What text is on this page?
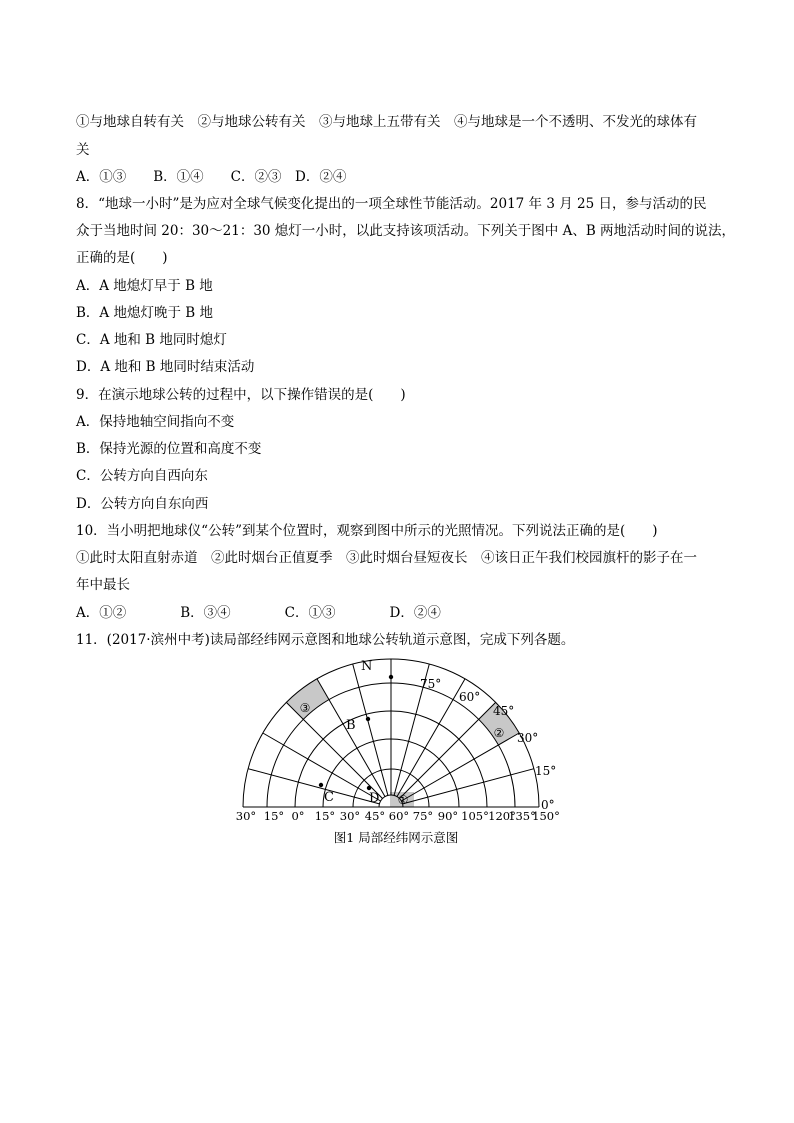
①与地球自转有关　②与地球公转有关　③与地球上五带有关　④与地球是一个不透明、不发光的球体有
关
A．①③　　B．①④　　C．②③　D．②④
8．“地球一小时”是为应对全球气候变化提出的一项全球性节能活动。2017 年 3 月 25 日，参与活动的民
众于当地时间 20：30～21：30 熄灯一小时，以此支持该项活动。下列关于图中 A、B 两地活动时间的说法，
正确的是(　　)
A．A 地熄灯早于 B 地
B．A 地熄灯晚于 B 地
C．A 地和 B 地同时熄灯
D．A 地和 B 地同时结束活动
9．在演示地球公转的过程中，以下操作错误的是(　　)
A．保持地轴空间指向不变
B．保持光源的位置和高度不变
C．公转方向自西向东
D．公转方向自东向西
10．当小明把地球仪“公转”到某个位置时，观察到图中所示的光照情况。下列说法正确的是(　　)
①此时太阳直射赤道　②此时烟台正值夏季　③此时烟台昼短夜长　④该日正午我们校园旗杆的影子在一
年中最长
A．①②　　　　B．③④　　　　C．①③　　　　D．②④
11．(2017·滨州中考)读局部经纬网示意图和地球公转轨道示意图，完成下列各题。
N
75°
60°
45°
30°
15°
0°
30° 15° 0° 15° 30° 45° 60° 75° 90° 105° 120°
135°
150°
B
C	D ①
②
③
图1 局部经纬网示意图
